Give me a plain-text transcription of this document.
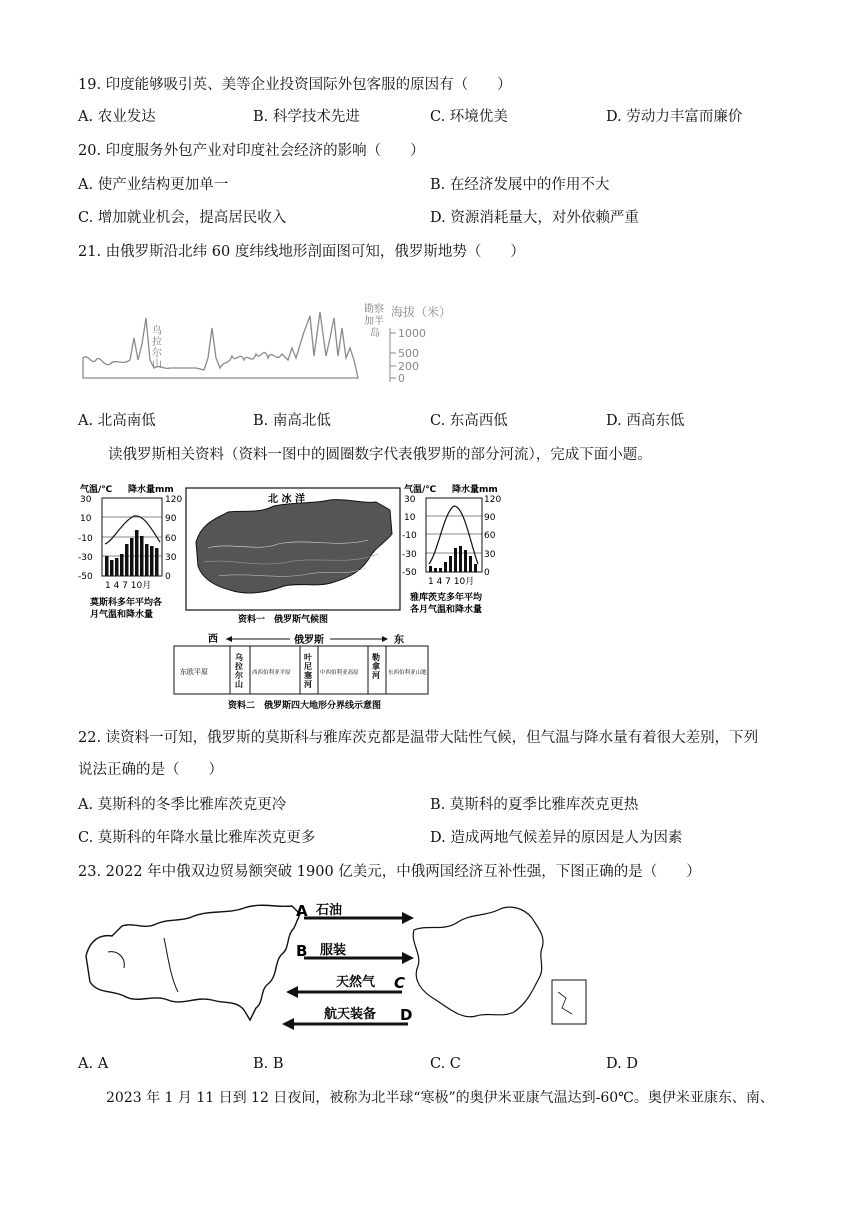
19. 印度能够吸引英、美等企业投资国际外包客服的原因有（　　）
A. 农业发达	B. 科学技术先进	C. 环境优美	D. 劳动力丰富而廉价
20. 印度服务外包产业对印度社会经济的影响（　　）
A. 使产业结构更加单一	B. 在经济发展中的作用不大
C. 增加就业机会，提高居民收入	D. 资源消耗量大，对外依赖严重
21. 由俄罗斯沿北纬 60 度纬线地形剖面图可知，俄罗斯地势（　　）
乌拉尔山
勘察加半岛
海拔（米）
1000
500
200
0
A. 北高南低	B. 南高北低	C. 东高西低	D. 西高东低
读俄罗斯相关资料（资料一图中的圆圈数字代表俄罗斯的部分河流），完成下面小题。
气温/℃ 降水量mm
30
10
-10
-30
-50
120
90
60
30
0
1 4 7 10月
莫斯科多年平均各
月气温和降水量
北 冰 洋
资料一　俄罗斯气候图
气温/℃ 降水量mm
30
10
-10
-30
-50
120
90
60
30
0
1 4 7 10月
雅库茨克多年平均
各月气温和降水量
西	俄罗斯	东
东欧平原
乌拉尔山
西西伯利亚平原
叶尼塞河
中西伯利亚高原
勒拿河 东西伯利亚山地
资料二　俄罗斯四大地形分界线示意图
22. 读资料一可知，俄罗斯的莫斯科与雅库茨克都是温带大陆性气候，但气温与降水量有着很大差别，下列
说法正确的是（　　）
A. 莫斯科的冬季比雅库茨克更冷	B. 莫斯科的夏季比雅库茨克更热
C. 莫斯科的年降水量比雅库茨克更多	D. 造成两地气候差异的原因是人为因素
23. 2022 年中俄双边贸易额突破 1900 亿美元，中俄两国经济互补性强，下图正确的是（　　）
A 石油
B 服装
天然气 C
航天装备 D
A. A	B. B	C. C	D. D
2023 年 1 月 11 日到 12 日夜间，被称为北半球“寒极”的奥伊米亚康气温达到-60℃。奥伊米亚康东、南、
